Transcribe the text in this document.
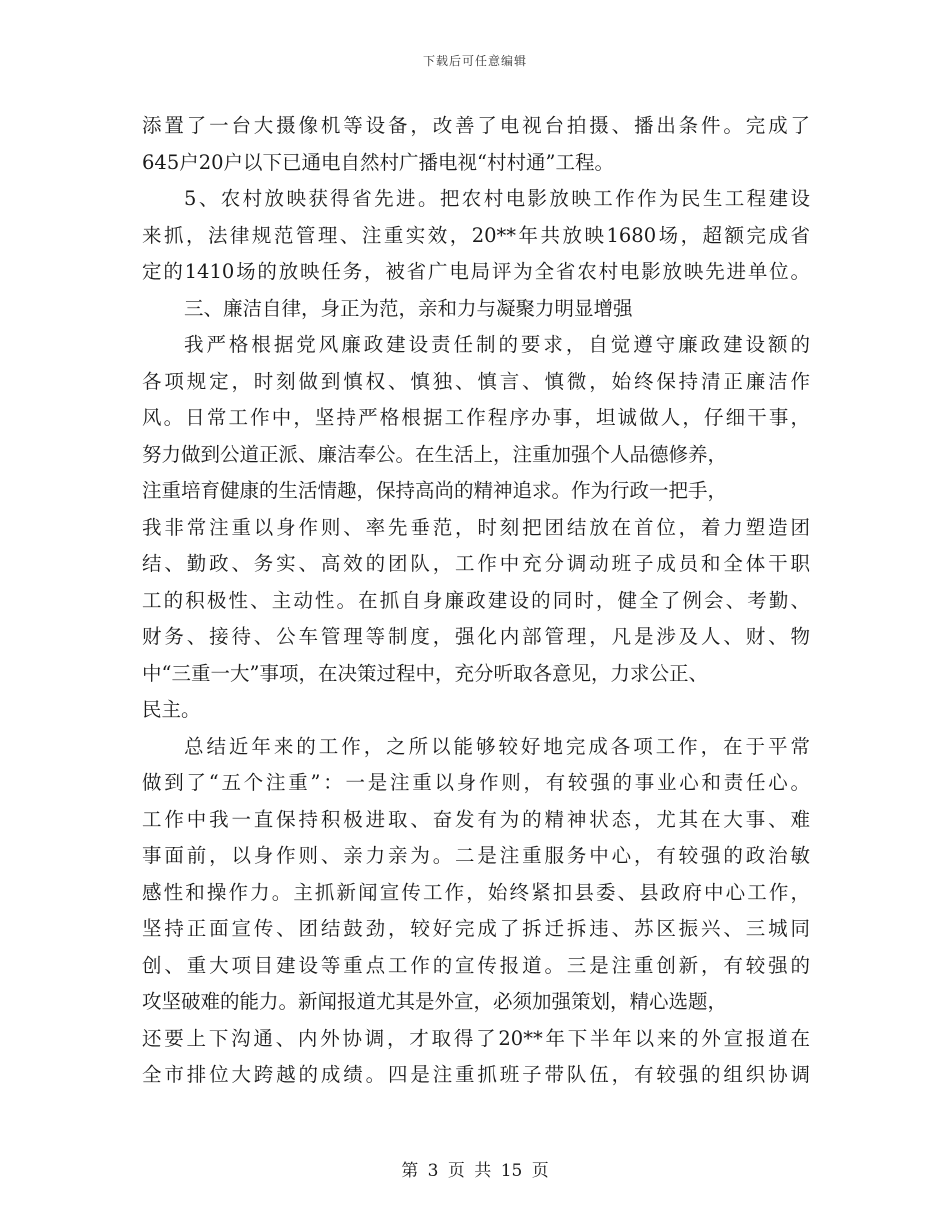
下载后可任意编辑
添置了一台大摄像机等设备，改善了电视台拍摄、播出条件。完成了
645户20户以下已通电自然村广播电视“村村通”工程。
5、农村放映获得省先进。把农村电影放映工作作为民生工程建设
来抓，法律规范管理、注重实效，20**年共放映1680场，超额完成省
定的1410场的放映任务，被省广电局评为全省农村电影放映先进单位。
三、廉洁自律，身正为范，亲和力与凝聚力明显增强
我严格根据党风廉政建设责任制的要求，自觉遵守廉政建设额的
各项规定，时刻做到慎权、慎独、慎言、慎微，始终保持清正廉洁作
风。日常工作中，坚持严格根据工作程序办事，坦诚做人，仔细干事，
努力做到公道正派、廉洁奉公。在生活上，注重加强个人品德修养，
注重培育健康的生活情趣，保持高尚的精神追求。作为行政一把手，
我非常注重以身作则、率先垂范，时刻把团结放在首位，着力塑造团
结、勤政、务实、高效的团队，工作中充分调动班子成员和全体干职
工的积极性、主动性。在抓自身廉政建设的同时，健全了例会、考勤、
财务、接待、公车管理等制度，强化内部管理，凡是涉及人、财、物
中“三重一大”事项，在决策过程中，充分听取各意见，力求公正、
民主。
总结近年来的工作，之所以能够较好地完成各项工作，在于平常
做到了“五个注重”：一是注重以身作则，有较强的事业心和责任心。
工作中我一直保持积极进取、奋发有为的精神状态，尤其在大事、难
事面前，以身作则、亲力亲为。二是注重服务中心，有较强的政治敏
感性和操作力。主抓新闻宣传工作，始终紧扣县委、县政府中心工作，
坚持正面宣传、团结鼓劲，较好完成了拆迁拆违、苏区振兴、三城同
创、重大项目建设等重点工作的宣传报道。三是注重创新，有较强的
攻坚破难的能力。新闻报道尤其是外宣，必须加强策划，精心选题，
还要上下沟通、内外协调，才取得了20**年下半年以来的外宣报道在
全市排位大跨越的成绩。四是注重抓班子带队伍，有较强的组织协调
第 3 页 共 15 页
